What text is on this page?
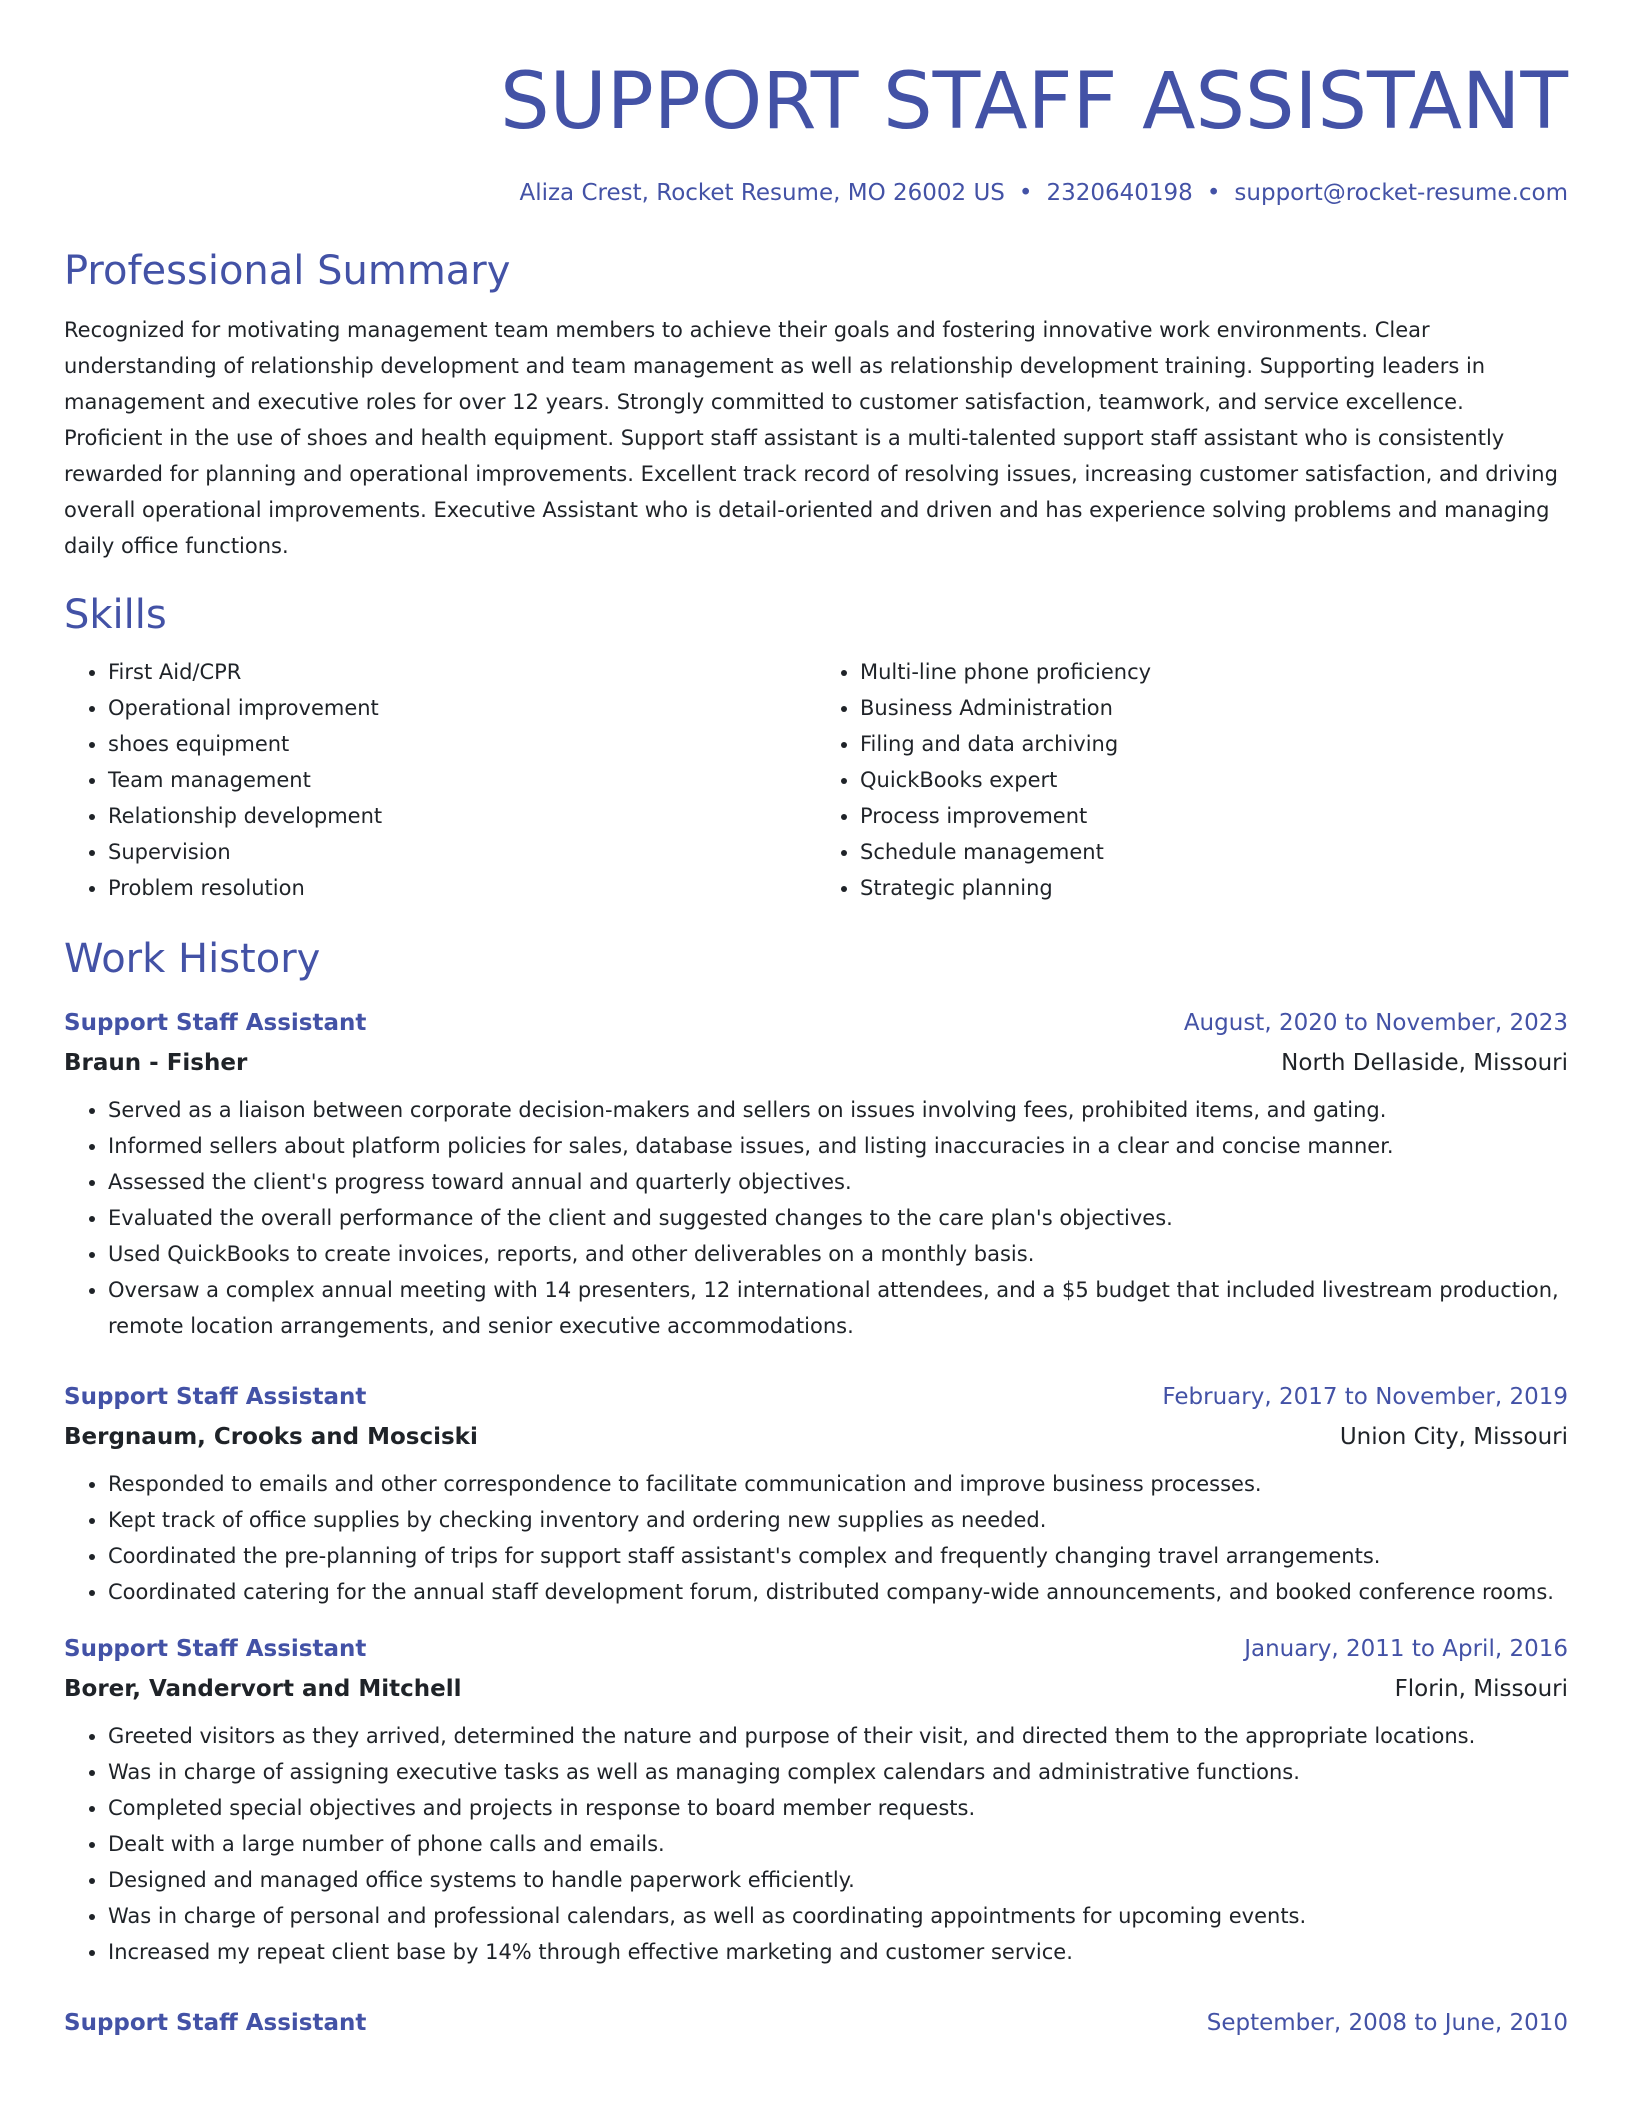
SUPPORT STAFF ASSISTANT
Aliza Crest, Rocket Resume, MO 26002 US • 2320640198 • support@rocket-resume.com
Professional Summary
Recognized for motivating management team members to achieve their goals and fostering innovative work environments. Clear understanding of relationship development and team management as well as relationship development training. Supporting leaders in management and executive roles for over 12 years. Strongly committed to customer satisfaction, teamwork, and service excellence. Proficient in the use of shoes and health equipment. Support staff assistant is a multi-talented support staff assistant who is consistently rewarded for planning and operational improvements. Excellent track record of resolving issues, increasing customer satisfaction, and driving overall operational improvements. Executive Assistant who is detail-oriented and driven and has experience solving problems and managing daily office functions.
Skills
• First Aid/CPR
• Operational improvement
• shoes equipment
• Team management
• Relationship development
• Supervision
• Problem resolution
• Multi-line phone proficiency
• Business Administration
• Filing and data archiving
• QuickBooks expert
• Process improvement
• Schedule management
• Strategic planning
Work History
Support Staff Assistant	August, 2020 to November, 2023
Braun - Fisher	North Dellaside, Missouri
• Served as a liaison between corporate decision-makers and sellers on issues involving fees, prohibited items, and gating.
• Informed sellers about platform policies for sales, database issues, and listing inaccuracies in a clear and concise manner.
• Assessed the client's progress toward annual and quarterly objectives.
• Evaluated the overall performance of the client and suggested changes to the care plan's objectives.
• Used QuickBooks to create invoices, reports, and other deliverables on a monthly basis.
• Oversaw a complex annual meeting with 14 presenters, 12 international attendees, and a $5 budget that included livestream production, remote location arrangements, and senior executive accommodations.
Support Staff Assistant	February, 2017 to November, 2019
Bergnaum, Crooks and Mosciski	Union City, Missouri
• Responded to emails and other correspondence to facilitate communication and improve business processes.
• Kept track of office supplies by checking inventory and ordering new supplies as needed.
• Coordinated the pre-planning of trips for support staff assistant's complex and frequently changing travel arrangements.
• Coordinated catering for the annual staff development forum, distributed company-wide announcements, and booked conference rooms.
Support Staff Assistant	January, 2011 to April, 2016
Borer, Vandervort and Mitchell	Florin, Missouri
• Greeted visitors as they arrived, determined the nature and purpose of their visit, and directed them to the appropriate locations.
• Was in charge of assigning executive tasks as well as managing complex calendars and administrative functions.
• Completed special objectives and projects in response to board member requests.
• Dealt with a large number of phone calls and emails.
• Designed and managed office systems to handle paperwork efficiently.
• Was in charge of personal and professional calendars, as well as coordinating appointments for upcoming events.
• Increased my repeat client base by 14% through effective marketing and customer service.
Support Staff Assistant	September, 2008 to June, 2010
